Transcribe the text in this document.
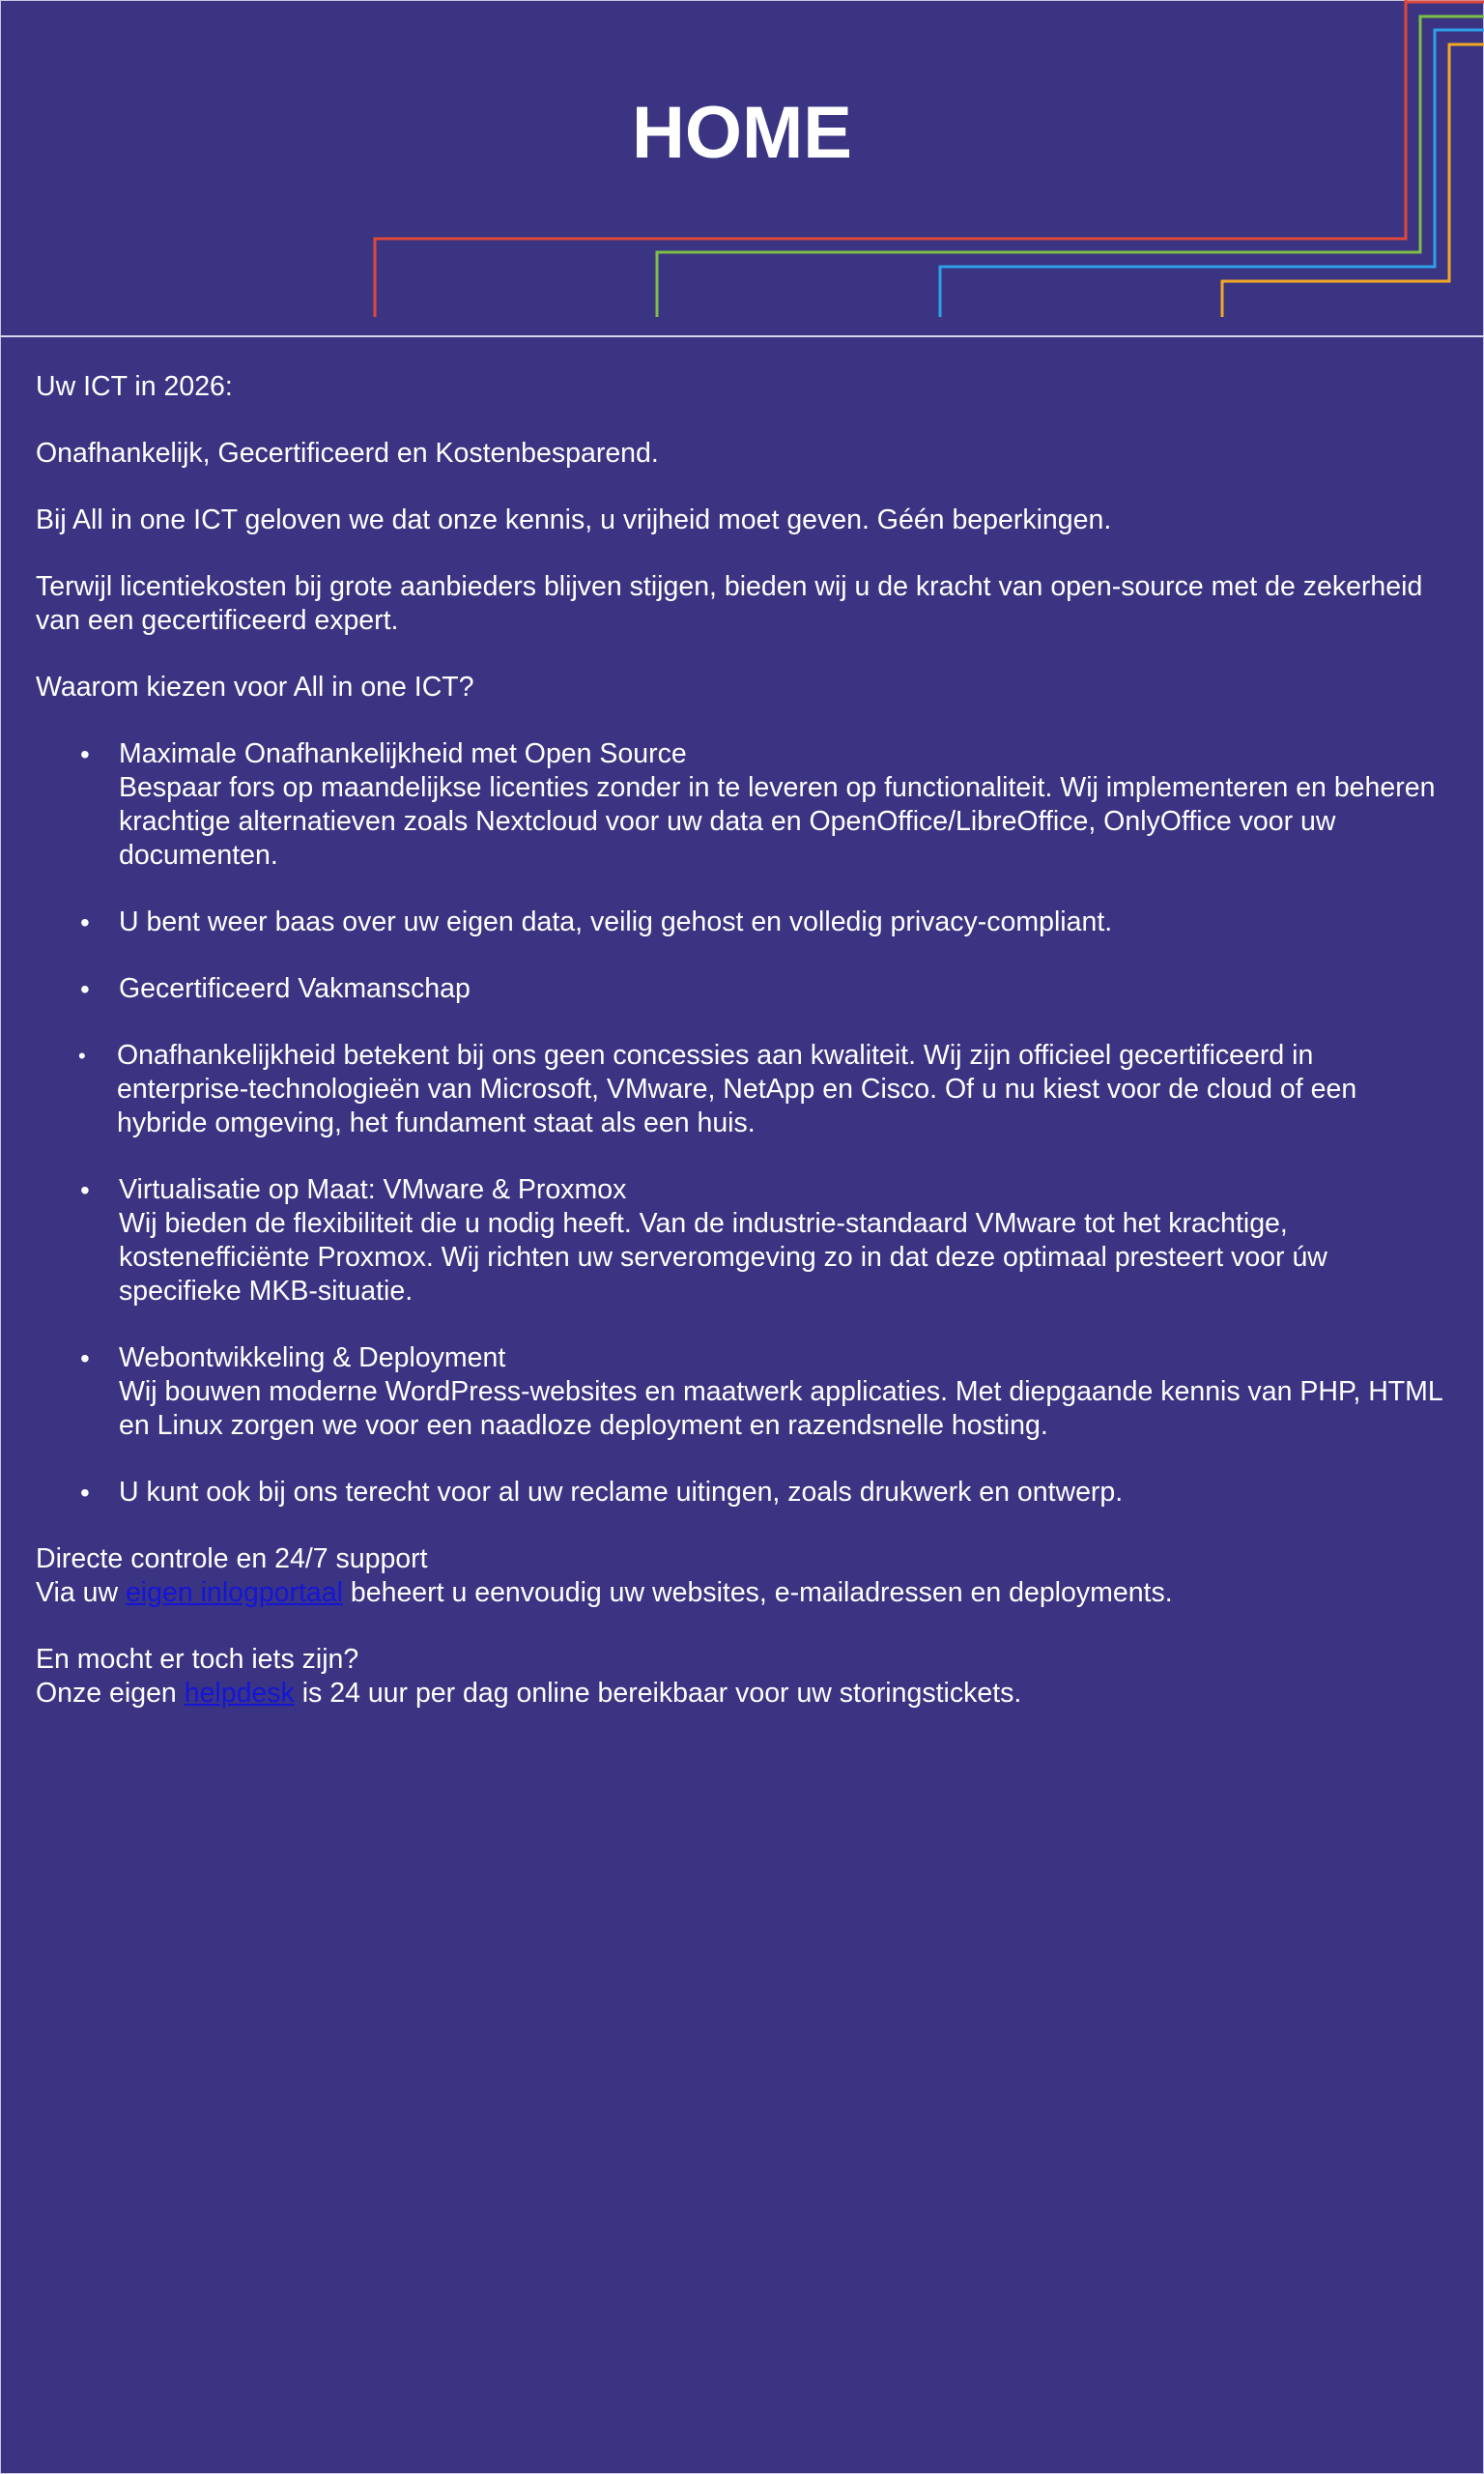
HOME

Uw ICT in 2026:

Onafhankelijk, Gecertificeerd en Kostenbesparend.

Bij All in one ICT geloven we dat onze kennis, u vrijheid moet geven. Géén beperkingen.

Terwijl licentiekosten bij grote aanbieders blijven stijgen, bieden wij u de kracht van open-source met de zekerheid van een gecertificeerd expert.

Waarom kiezen voor All in one ICT?

• Maximale Onafhankelijkheid met Open Source
Bespaar fors op maandelijkse licenties zonder in te leveren op functionaliteit. Wij implementeren en beheren krachtige alternatieven zoals Nextcloud voor uw data en OpenOffice/LibreOffice, OnlyOffice voor uw documenten.
• U bent weer baas over uw eigen data, veilig gehost en volledig privacy-compliant.
• Gecertificeerd Vakmanschap
• Onafhankelijkheid betekent bij ons geen concessies aan kwaliteit. Wij zijn officieel gecertificeerd in enterprise-technologieën van Microsoft, VMware, NetApp en Cisco. Of u nu kiest voor de cloud of een hybride omgeving, het fundament staat als een huis.
• Virtualisatie op Maat: VMware & Proxmox
Wij bieden de flexibiliteit die u nodig heeft. Van de industrie-standaard VMware tot het krachtige, kostenefficiënte Proxmox. Wij richten uw serveromgeving zo in dat deze optimaal presteert voor úw specifieke MKB-situatie.
• Webontwikkeling & Deployment
Wij bouwen moderne WordPress-websites en maatwerk applicaties. Met diepgaande kennis van PHP, HTML en Linux zorgen we voor een naadloze deployment en razendsnelle hosting.
• U kunt ook bij ons terecht voor al uw reclame uitingen, zoals drukwerk en ontwerp.

Directe controle en 24/7 support
Via uw eigen inlogportaal beheert u eenvoudig uw websites, e-mailadressen en deployments.

En mocht er toch iets zijn?
Onze eigen helpdesk is 24 uur per dag online bereikbaar voor uw storingstickets.
